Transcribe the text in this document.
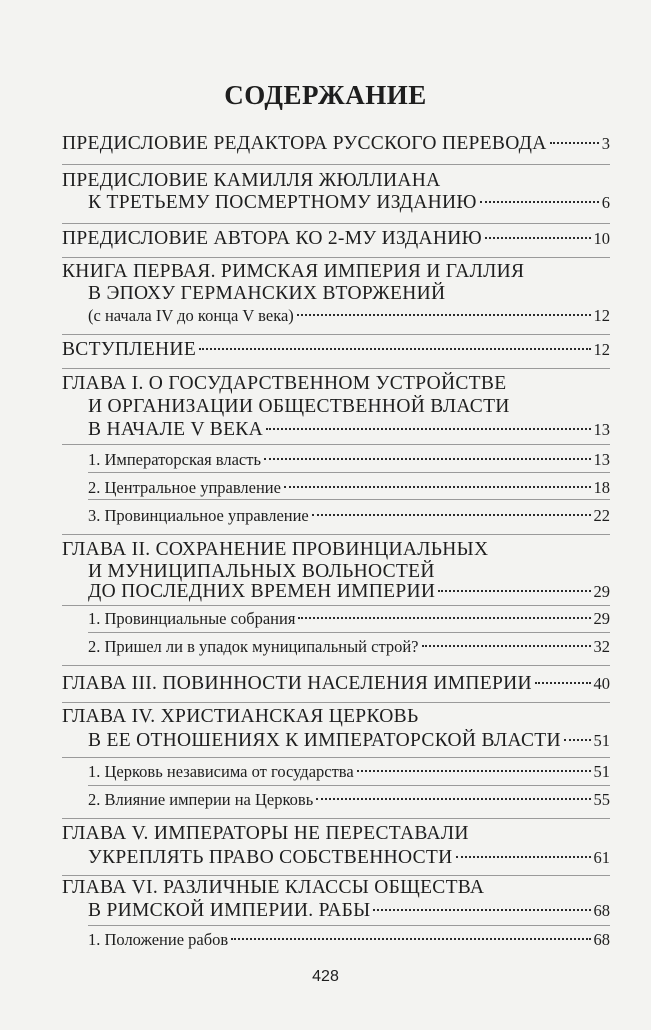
СОДЕРЖАНИЕ
ПРЕДИСЛОВИЕ РЕДАКТОРА РУССКОГО ПЕРЕВОДА	3
ПРЕДИСЛОВИЕ КАМИЛЛЯ ЖЮЛЛИАНА
К ТРЕТЬЕМУ ПОСМЕРТНОМУ ИЗДАНИЮ	6
ПРЕДИСЛОВИЕ АВТОРА КО 2-МУ ИЗДАНИЮ	10
КНИГА ПЕРВАЯ. РИМСКАЯ ИМПЕРИЯ И ГАЛЛИЯ
В ЭПОХУ ГЕРМАНСКИХ ВТОРЖЕНИЙ
(с начала IV до конца V века)	12
ВСТУПЛЕНИЕ	12
ГЛАВА I. О ГОСУДАРСТВЕННОМ УСТРОЙСТВЕ
И ОРГАНИЗАЦИИ ОБЩЕСТВЕННОЙ ВЛАСТИ
В НАЧАЛЕ V ВЕКА	13
1. Императорская власть	13
2. Центральное управление	18
3. Провинциальное управление	22
ГЛАВА II. СОХРАНЕНИЕ ПРОВИНЦИАЛЬНЫХ
И МУНИЦИПАЛЬНЫХ ВОЛЬНОСТЕЙ
ДО ПОСЛЕДНИХ ВРЕМЕН ИМПЕРИИ	29
1. Провинциальные собрания	29
2. Пришел ли в упадок муниципальный строй?	32
ГЛАВА III. ПОВИННОСТИ НАСЕЛЕНИЯ ИМПЕРИИ	40
ГЛАВА IV. ХРИСТИАНСКАЯ ЦЕРКОВЬ
В ЕЕ ОТНОШЕНИЯХ К ИМПЕРАТОРСКОЙ ВЛАСТИ 51
1. Церковь независима от государства	51
2. Влияние империи на Церковь	55
ГЛАВА V. ИМПЕРАТОРЫ НЕ ПЕРЕСТАВАЛИ
УКРЕПЛЯТЬ ПРАВО СОБСТВЕННОСТИ	61
ГЛАВА VI. РАЗЛИЧНЫЕ КЛАССЫ ОБЩЕСТВА
В РИМСКОЙ ИМПЕРИИ. РАБЫ	68
1. Положение рабов	68
428
